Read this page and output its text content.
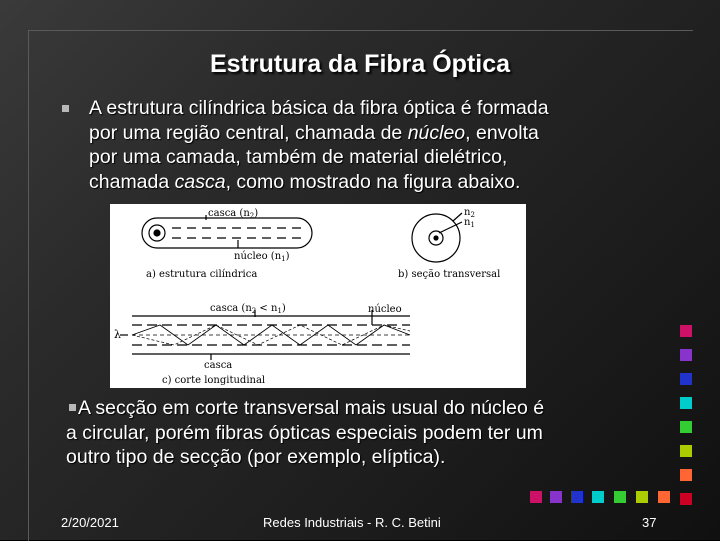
Estrutura da Fibra Óptica

A estrutura cilíndrica básica da fibra óptica é formada

por uma região central, chamada de núcleo, envolta

por uma camada, também de material dielétrico,

chamada casca, como mostrado na figura abaixo.

casca $(n_2)$
núcleo $(n_1)$
a) estrutura cilíndrica
$n_2$
$n_1$
b) seção transversal
λ
casca $(n_2 < n_1)$	núcleo
casca
c) corte longitudinal

A secção em corte transversal mais usual do núcleo é

a circular, porém fibras ópticas especiais podem ter um

outro tipo de secção (por exemplo, elíptica).

2/20/2021	Redes Industriais - R. C. Betini	37
